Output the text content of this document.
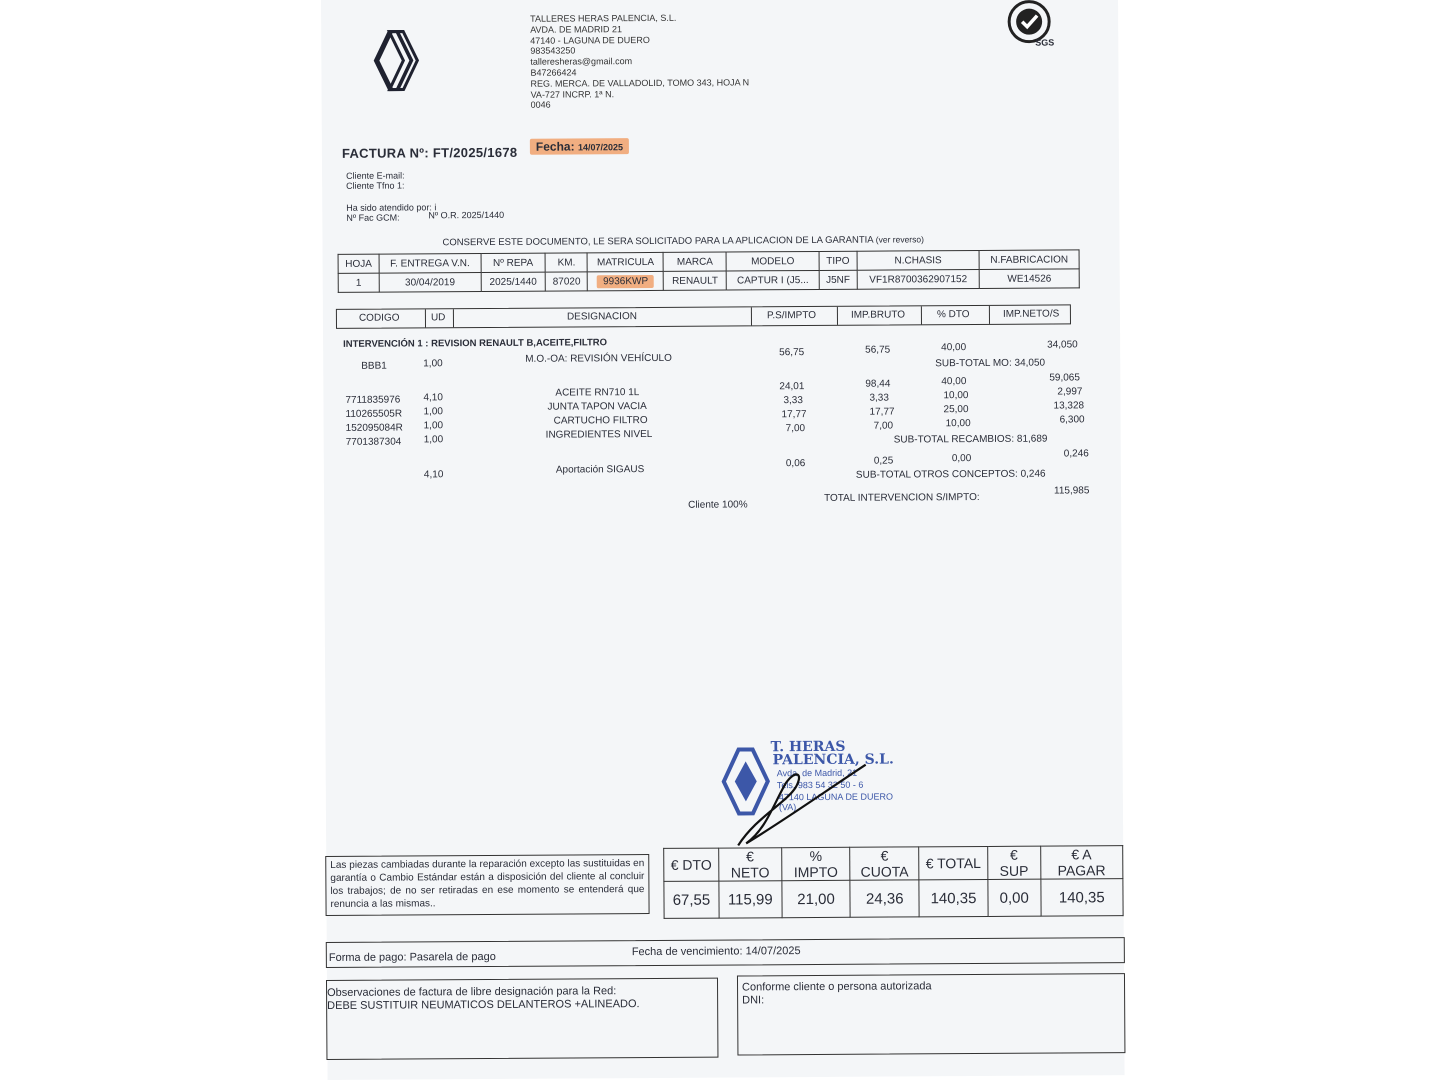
TALLERES HERAS PALENCIA, S.L.
AVDA. DE MADRID 21
47140 - LAGUNA DE DUERO
983543250
talleresheras@gmail.com
B47266424
REG. MERCA. DE VALLADOLID, TOMO 343, HOJA N
VA-727 INCRP. 1ª N.
0046
SGS
FACTURA Nº: FT/2025/1678	Fecha: 14/07/2025
Cliente E-mail:
Cliente Tfno 1:
Ha sido atendido por: i
Nº Fac GCM:	Nº O.R. 2025/1440
CONSERVE ESTE DOCUMENTO, LE SERA SOLICITADO PARA LA APLICACION DE LA GARANTIA (ver reverso)
HOJA	F. ENTREGA V.N.	Nº REPA	KM.	MATRICULA	MARCA	MODELO	TIPO	N.CHASIS	N.FABRICACION
1	30/04/2019	2025/1440	87020	9936KWP	RENAULT	CAPTUR I (J5...	J5NF	VF1R8700362907152	WE14526
CODIGO	UD	DESIGNACION	P.S/IMPTO	IMP.BRUTO	% DTO	IMP.NETO/S
INTERVENCIÓN 1 : REVISION RENAULT B,ACEITE,FILTRO
BBB1	1,00	M.O.-OA: REVISIÓN VEHÍCULO
56,75	56,75	40,00	34,050
SUB-TOTAL MO: 34,050
7711835976 4,10	ACEITE RN710 1L
24,01	98,44	40,00	59,065
110265505R 1,00	JUNTA TAPON VACIA
3,33	3,33	10,00	2,997
152095084R 1,00	CARTUCHO FILTRO
17,77	17,77	25,00	13,328
7701387304 1,00	INGREDIENTES NIVEL
7,00	7,00	10,00	6,300
SUB-TOTAL RECAMBIOS: 81,689
4,10	Aportación SIGAUS
0,06	0,25	0,00	0,246
SUB-TOTAL OTROS CONCEPTOS: 0,246
Cliente 100%
TOTAL INTERVENCION S/IMPTO:
115,985
T. HERAS
PALENCIA, S.L.
Avda. de Madrid, 21
Tels. 983 54 32 50 - 6
47140 LAGUNA DE DUERO (VA)
Las piezas cambiadas durante la reparación excepto las sustituidas en garantía o Cambio Estándar están a disposición del cliente al concluir los trabajos; de no ser retiradas en ese momento se entenderá que renuncia a las mismas..
€ DTO	€ NETO	% IMPTO	€ CUOTA	€ TOTAL	€ SUP	€ A PAGAR
67,55	115,99	21,00	24,36	140,35	0,00	140,35
Forma de pago: Pasarela de pago	Fecha de vencimiento: 14/07/2025
Observaciones de factura de libre designación para la Red:
DEBE SUSTITUIR NEUMATICOS DELANTEROS +ALINEADO.
Conforme cliente o persona autorizada
DNI:
